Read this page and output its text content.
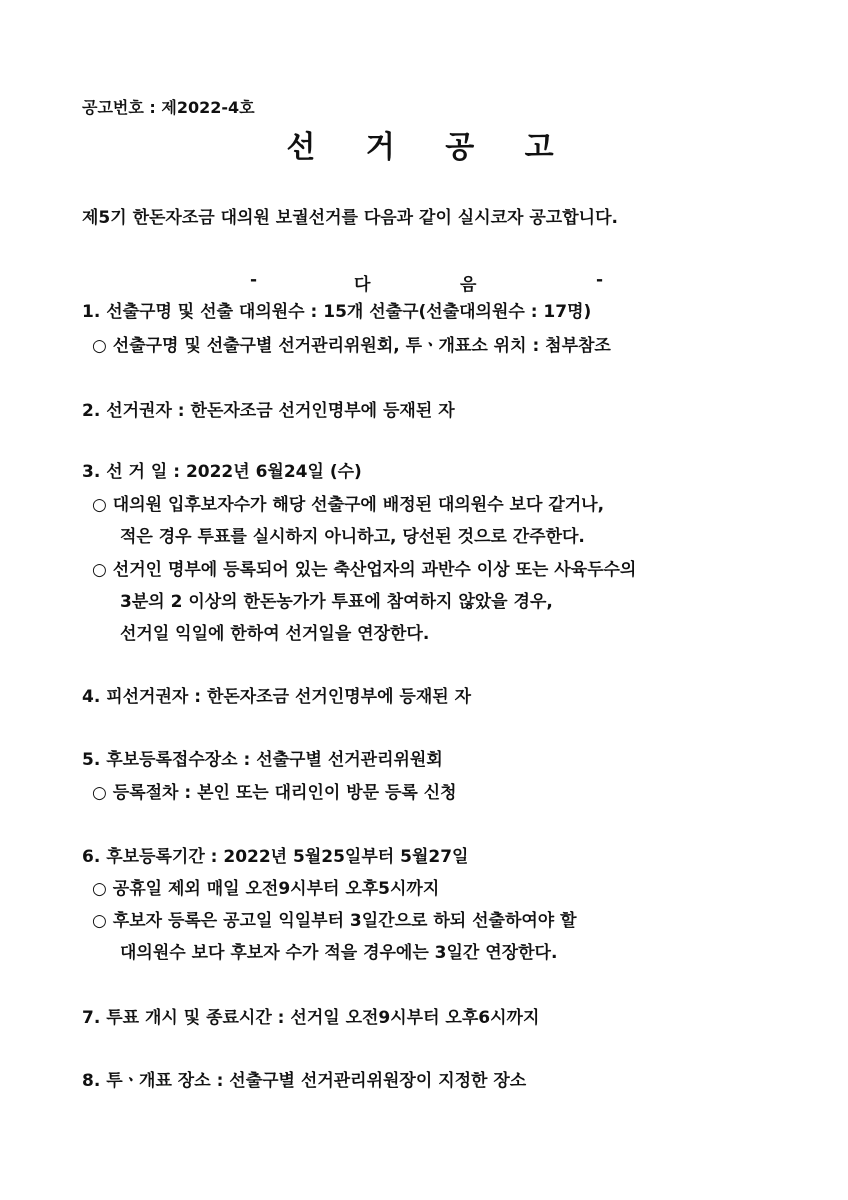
공고번호 : 제2022-4호
선 거 공 고
제5기 한돈자조금 대의원 보궐선거를 다음과 같이 실시코자 공고합니다.
-	다	음	-
1. 선출구명 및 선출 대의원수 : 15개 선출구(선출대의원수 : 17명)
○ 선출구명 및 선출구별 선거관리위원회, 투ㆍ개표소 위치 : 첨부참조
2. 선거권자 : 한돈자조금 선거인명부에 등재된 자
3. 선 거 일 : 2022년 6월24일 (수)
○ 대의원 입후보자수가 해당 선출구에 배정된 대의원수 보다 같거나,
적은 경우 투표를 실시하지 아니하고, 당선된 것으로 간주한다.
○ 선거인 명부에 등록되어 있는 축산업자의 과반수 이상 또는 사육두수의
3분의 2 이상의 한돈농가가 투표에 참여하지 않았을 경우,
선거일 익일에 한하여 선거일을 연장한다.
4. 피선거권자 : 한돈자조금 선거인명부에 등재된 자
5. 후보등록접수장소 : 선출구별 선거관리위원회
○ 등록절차 : 본인 또는 대리인이 방문 등록 신청
6. 후보등록기간 : 2022년 5월25일부터 5월27일
○ 공휴일 제외 매일 오전9시부터 오후5시까지
○ 후보자 등록은 공고일 익일부터 3일간으로 하되 선출하여야 할
대의원수 보다 후보자 수가 적을 경우에는 3일간 연장한다.
7. 투표 개시 및 종료시간 : 선거일 오전9시부터 오후6시까지
8. 투ㆍ개표 장소 : 선출구별 선거관리위원장이 지정한 장소
